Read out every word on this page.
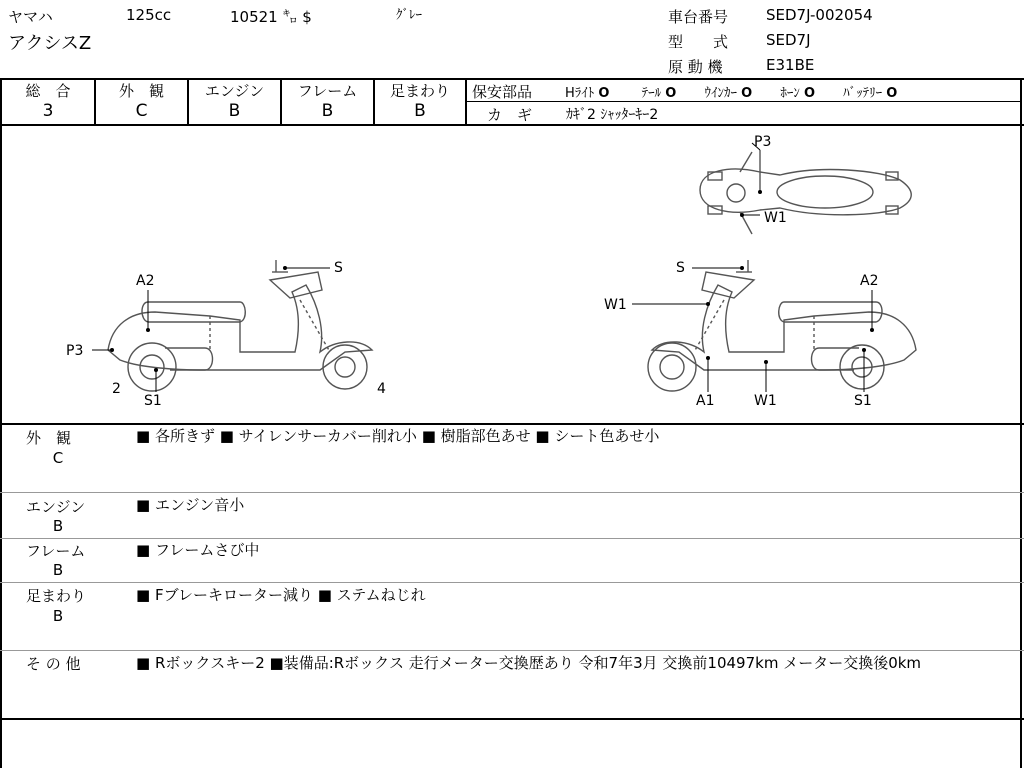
ヤマハ	125cc	10521 ㌔ $	ｸﾞﾚｰ
アクシスZ
車台番号	SED7J-002054
型　　式	SED7J
原 動 機	E31BE
総　合
3
外　観
C
エンジン
B
フレーム
B
足まわり
B
保安部品	Hﾗｲﾄ O ﾃｰﾙ O ｳｲﾝｶｰ O ﾎｰﾝ O ﾊﾞｯﾃﾘｰ O
カ　ギ ｶｷﾞ2 ｼｬｯﾀｰｷｰ2
P3
W1
A2
S
P3
2
S1
4
S
A2
W1
A1	W1	S1
外　観
C
■ 各所きず ■ サイレンサーカバー削れ小 ■ 樹脂部色あせ ■ シート色あせ小
エンジン
B
■ エンジン音小
フレーム
B
■ フレームさび中
足まわり
B
■ Fブレーキローター減り ■ ステムねじれ
そ の 他	■ Rボックスキー2 ■装備品:Rボックス 走行メーター交換歴あり 令和7年3月 交換前10497km メーター交換後0km
